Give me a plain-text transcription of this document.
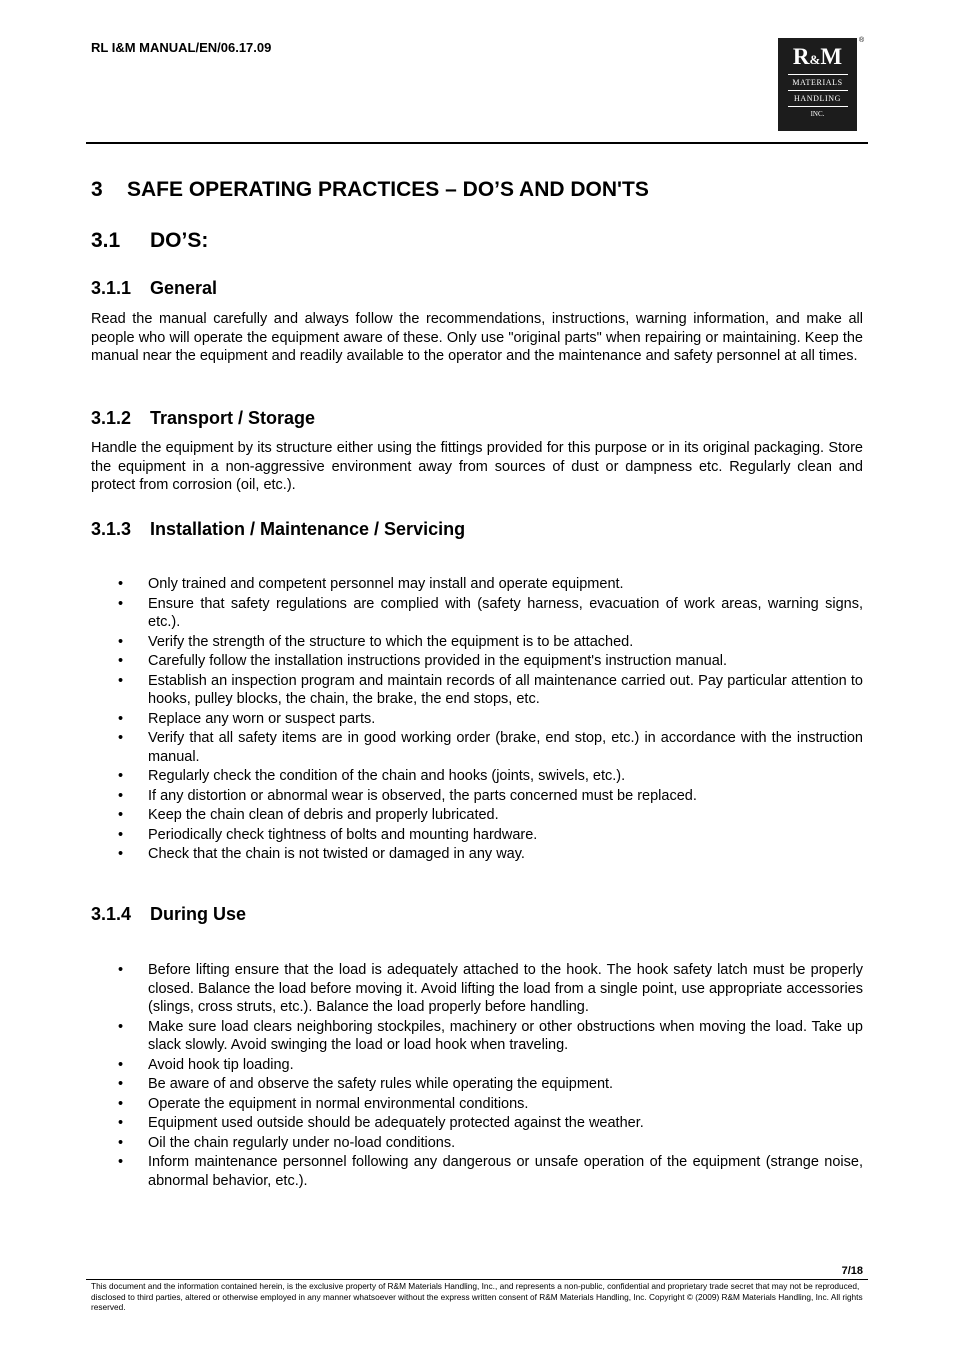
RL I&M MANUAL/EN/06.17.09	R&M
MATERIALS
HANDLING
INC.
®
3 SAFE OPERATING PRACTICES – DO’S AND DON'TS
3.1 DO’S:
3.1.1 General
Read the manual carefully and always follow the recommendations, instructions, warning information, and make all people who will operate the equipment aware of these. Only use "original parts" when repairing or maintaining. Keep the manual near the equipment and readily available to the operator and the maintenance and safety personnel at all times.
3.1.2 Transport / Storage
Handle the equipment by its structure either using the fittings provided for this purpose or in its original packaging. Store the equipment in a non-aggressive environment away from sources of dust or dampness etc. Regularly clean and protect from corrosion (oil, etc.).
3.1.3 Installation / Maintenance / Servicing
• Only trained and competent personnel may install and operate equipment.
• Ensure that safety regulations are complied with (safety harness, evacuation of work areas, warning signs, etc.).
• Verify the strength of the structure to which the equipment is to be attached.
• Carefully follow the installation instructions provided in the equipment's instruction manual.
• Establish an inspection program and maintain records of all maintenance carried out. Pay particular attention to hooks, pulley blocks, the chain, the brake, the end stops, etc.
• Replace any worn or suspect parts.
• Verify that all safety items are in good working order (brake, end stop, etc.) in accordance with the instruction manual.
• Regularly check the condition of the chain and hooks (joints, swivels, etc.).
• If any distortion or abnormal wear is observed, the parts concerned must be replaced.
• Keep the chain clean of debris and properly lubricated.
• Periodically check tightness of bolts and mounting hardware.
• Check that the chain is not twisted or damaged in any way.
3.1.4 During Use
• Before lifting ensure that the load is adequately attached to the hook. The hook safety latch must be properly closed. Balance the load before moving it. Avoid lifting the load from a single point, use appropriate accessories (slings, cross struts, etc.). Balance the load properly before handling.
• Make sure load clears neighboring stockpiles, machinery or other obstructions when moving the load. Take up slack slowly. Avoid swinging the load or load hook when traveling.
• Avoid hook tip loading.
• Be aware of and observe the safety rules while operating the equipment.
• Operate the equipment in normal environmental conditions.
• Equipment used outside should be adequately protected against the weather.
• Oil the chain regularly under no-load conditions.
• Inform maintenance personnel following any dangerous or unsafe operation of the equipment (strange noise, abnormal behavior, etc.).
7/18
This document and the information contained herein, is the exclusive property of R&M Materials Handling, Inc., and represents a non-public, confidential and proprietary trade secret that may not be reproduced, disclosed to third parties, altered or otherwise employed in any manner whatsoever without the express written consent of R&M Materials Handling, Inc. Copyright © (2009) R&M Materials Handling, Inc. All rights reserved.
